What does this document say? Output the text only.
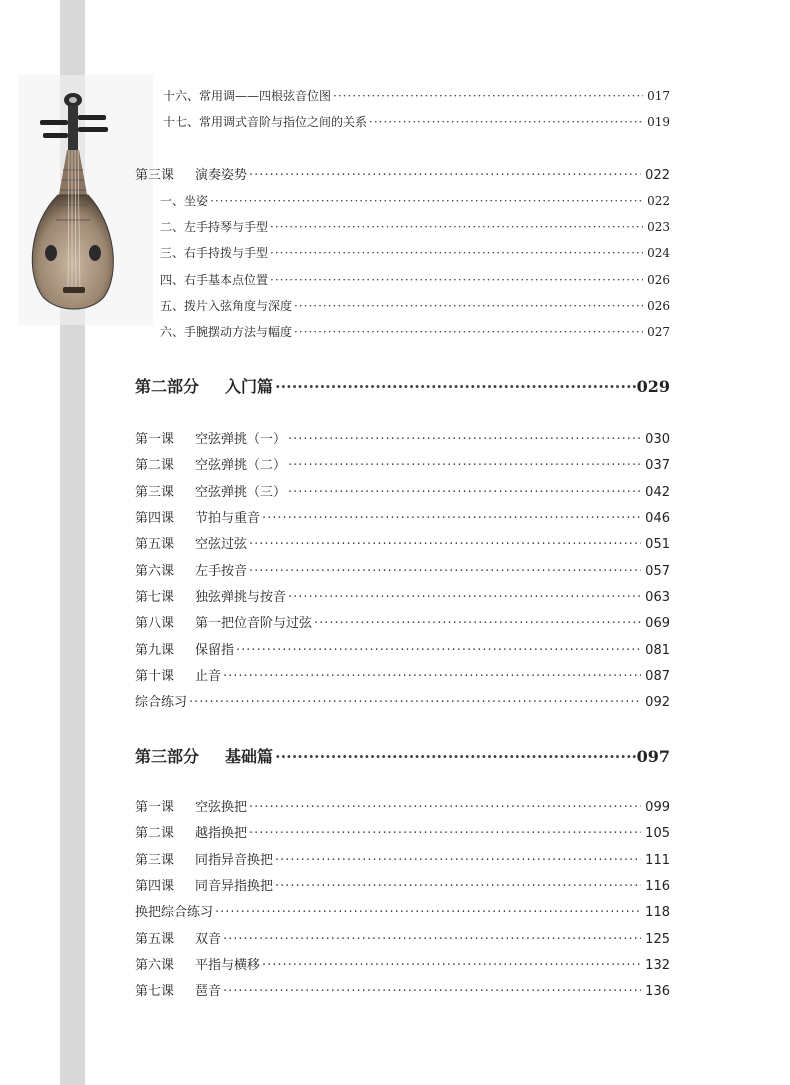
十六、常用调——四根弦音位图 ·····	017
十七、常用调式音阶与指位之间的关系 ·····	019
第三课 演奏姿势 ·····	022
一、坐姿 ·····	022
二、左手持琴与手型 ·····	023
三、右手持拨与手型 ·····	024
四、右手基本点位置 ·····	026
五、拨片入弦角度与深度 ·····	026
六、手腕摆动方法与幅度 ·····	027
第二部分 入门篇 ·····	029
第一课 空弦弹挑（一） ·····	030
第二课 空弦弹挑（二） ·····	037
第三课 空弦弹挑（三） ·····	042
第四课 节拍与重音 ·····	046
第五课 空弦过弦 ·····	051
第六课 左手按音 ·····	057
第七课 独弦弹挑与按音 ·····	063
第八课 第一把位音阶与过弦 ·····	069
第九课 保留指 ·····	081
第十课 止音 ·····	087
综合练习 ·····	092
第三部分 基础篇 ·····	097
第一课 空弦换把 ·····	099
第二课 越指换把 ·····	105
第三课 同指异音换把 ·····	111
第四课 同音异指换把 ·····	116
换把综合练习 ·····	118
第五课 双音 ·····	125
第六课 平指与横移 ·····	132
第七课 琶音 ·····	136
